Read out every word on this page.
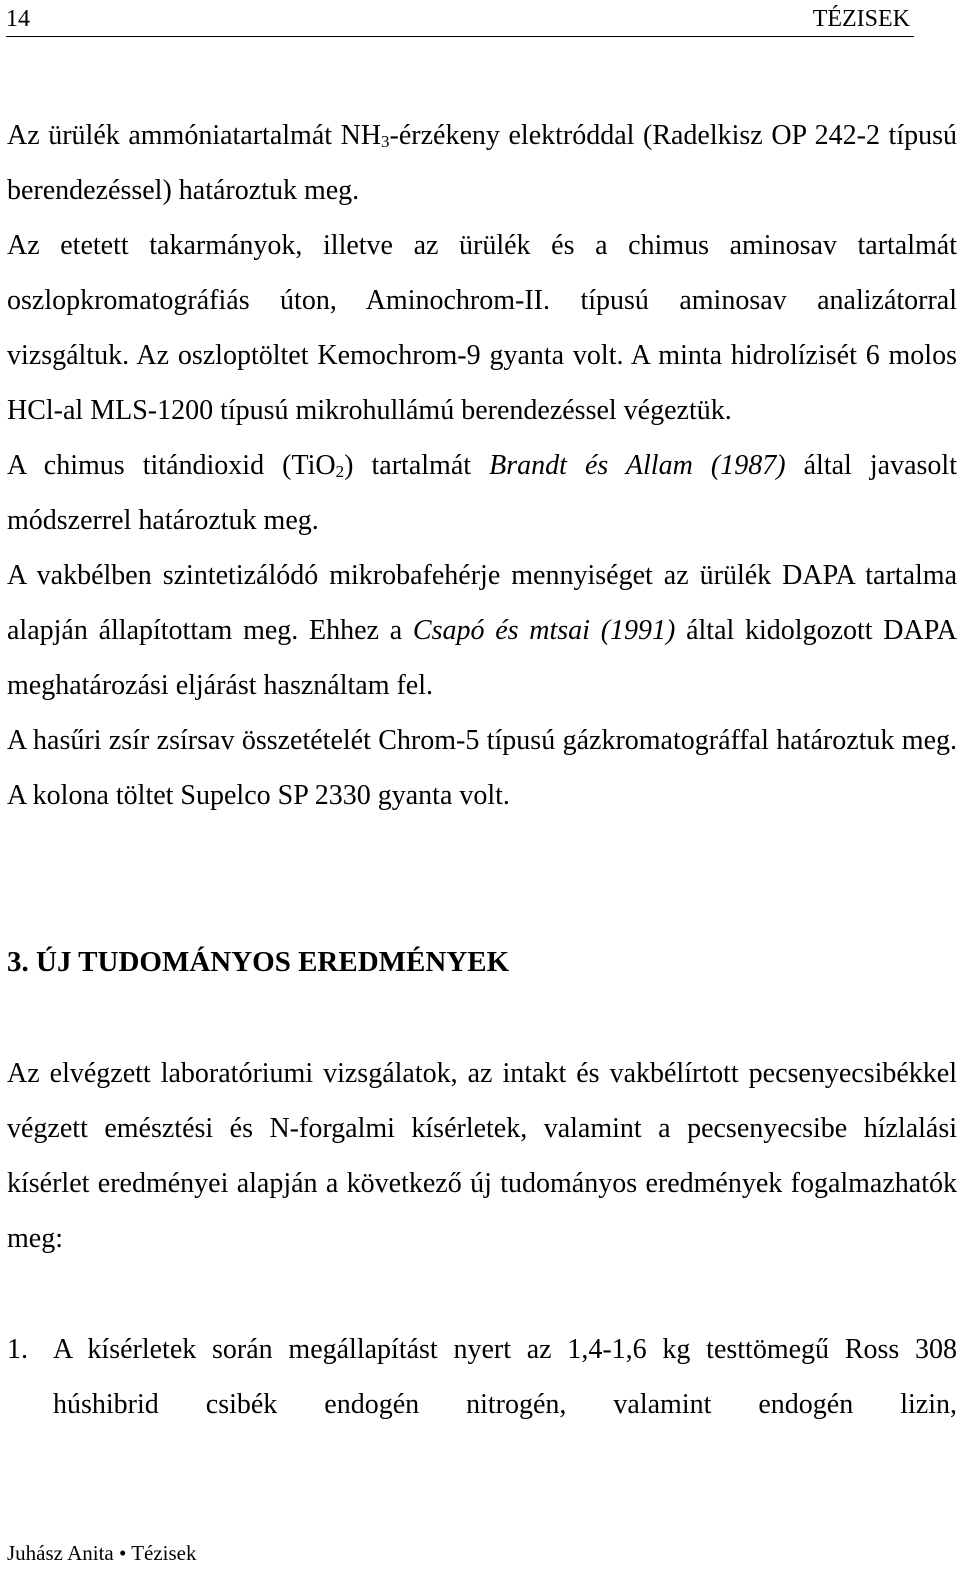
14	TÉZISEK

Az ürülék ammóniatartalmát $NH_3$-érzékeny elektróddal (Radelkisz OP 242-2 típusú berendezéssel) határoztuk meg.

Az etetett takarmányok, illetve az ürülék és a chimus aminosav tartalmát oszlopkromatográfiás úton, Aminochrom-II. típusú aminosav analizátorral vizsgáltuk. Az oszloptöltet Kemochrom-9 gyanta volt. A minta hidrolízisét 6 molos HCl-al MLS-1200 típusú mikrohullámú berendezéssel végeztük.

A chimus titándioxid (TiO$_2$) tartalmát Brandt és Allam (1987) által javasolt módszerrel határoztuk meg.

A vakbélben szintetizálódó mikrobafehérje mennyiséget az ürülék DAPA tartalma alapján állapítottam meg. Ehhez a Csapó és mtsai (1991) által kidolgozott DAPA meghatározási eljárást használtam fel.

A hasűri zsír zsírsav összetételét Chrom-5 típusú gázkromatográffal határoztuk meg. A kolona töltet Supelco SP 2330 gyanta volt.

3. ÚJ TUDOMÁNYOS EREDMÉNYEK

Az elvégzett laboratóriumi vizsgálatok, az intakt és vakbélírtott pecsenyecsibékkel végzett emésztési és N-forgalmi kísérletek, valamint a pecsenyecsibe hízlalási kísérlet eredményei alapján a következő új tudományos eredmények fogalmazhatók meg:

1. A kísérletek során megállapítást nyert az 1,4-1,6 kg testtömegű Ross 308 húshibrid csibék endogén nitrogén, valamint endogén lizin,
Juhász Anita • Tézisek
